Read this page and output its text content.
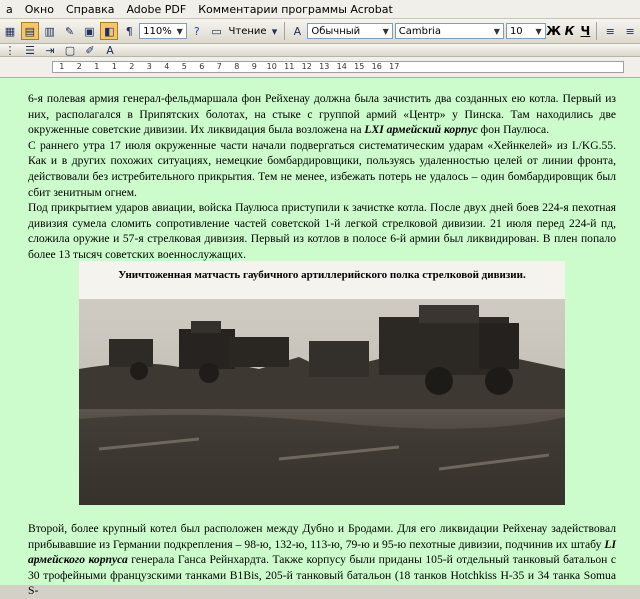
а	Окно	Справка	Adobe PDF	Комментарии программы Acrobat
▦ ▤ ▥ ✎ ▣ ◧	¶	110% ▼	?	▭ Чтение ▾	A	Обычный	▼ Cambria	▼ 10 ▼ Ж К Ч	≡ ≡
⋮ ☰ ⇥ ▢ ✐	A
1 2 1 1 2 3 4 5 6 7 8 9 10 11 12 13 14 15 16 17
6-я полевая армия генерал-фельдмаршала фон Рейхенау должна была зачистить два созданных ею котла. Первый из них, располагался в Припятских болотах, на стыке с группой армий «Центр» у Пинска. Там находились две окруженные советские дивизии. Их ликвидация была возложена на LXI армейский корпус фон Паулюса.
С раннего утра 17 июля окруженные части начали подвергаться систематическим ударам «Хейнкелей» из I./KG.55. Как и в других похожих ситуациях, немецкие бомбардировщики, пользуясь удаленностью целей от линии фронта, действовали без истребительного прикрытия. Тем не менее, избежать потерь не удалось – один бомбардировщик был сбит зенитным огнем.
Под прикрытием ударов авиации, войска Паулюса приступили к зачистке котла. После двух дней боев 224-я пехотная дивизия сумела сломить сопротивление частей советской 1-й легкой стрелковой дивизии. 21 июля перед 224-й пд, сложила оружие и 57-я стрелковая дивизия. Первый из котлов в полосе 6-й армии был ликвидирован. В плен попало более 13 тысяч советских военнослужащих.
Уничтоженная матчасть гаубичного артиллерийского полка стрелковой дивизии.
Второй, более крупный котел был расположен между Дубно и Бродами. Для его ликвидации Рейхенау задействовал прибывавшие из Германии подкрепления – 98-ю, 132-ю, 113-ю, 79-ю и 95-ю пехотные дивизии, подчинив их штабу LI армейского корпуса генерала Ганса Рейнхардта. Также корпусу были приданы 105-й отдельный танковый батальон с 30 трофейными французскими танками B1Bis, 205-й танковый батальон (18 танков Hotchkiss H-35 и 34 танка Somua S-
